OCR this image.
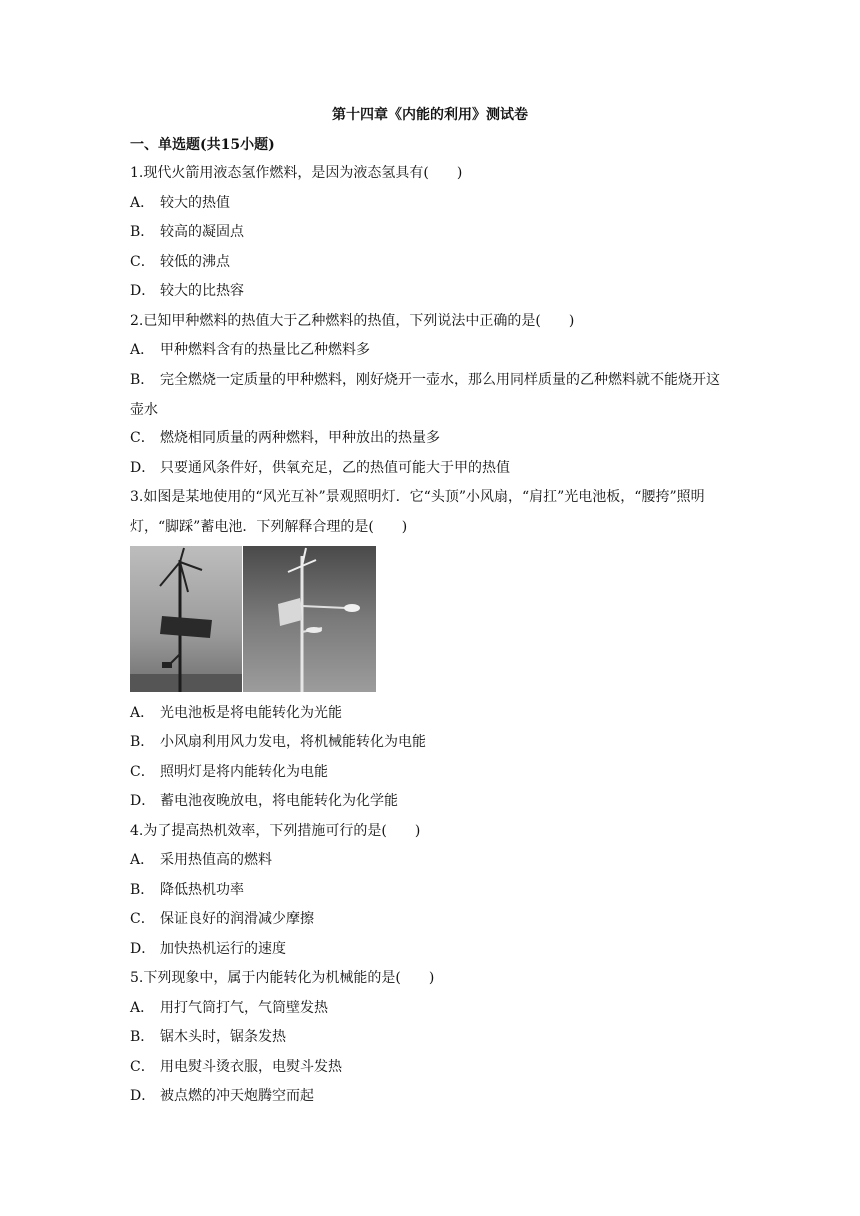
第十四章《内能的利用》测试卷
一、单选题(共15小题)
1.现代火箭用液态氢作燃料，是因为液态氢具有(　　)
A． 较大的热值
B． 较高的凝固点
C． 较低的沸点
D． 较大的比热容
2.已知甲种燃料的热值大于乙种燃料的热值，下列说法中正确的是(　　)
A． 甲种燃料含有的热量比乙种燃料多
B． 完全燃烧一定质量的甲种燃料，刚好烧开一壶水，那么用同样质量的乙种燃料就不能烧开这壶水
C． 燃烧相同质量的两种燃料，甲种放出的热量多
D． 只要通风条件好，供氧充足，乙的热值可能大于甲的热值
3.如图是某地使用的“风光互补”景观照明灯．它“头顶”小风扇，“肩扛”光电池板，“腰挎”照明灯，“脚踩”蓄电池．下列解释合理的是(　　)
A． 光电池板是将电能转化为光能
B． 小风扇利用风力发电，将机械能转化为电能
C． 照明灯是将内能转化为电能
D． 蓄电池夜晚放电，将电能转化为化学能
4.为了提高热机效率，下列措施可行的是(　　)
A． 采用热值高的燃料
B． 降低热机功率
C． 保证良好的润滑减少摩擦
D． 加快热机运行的速度
5.下列现象中，属于内能转化为机械能的是(　　)
A． 用打气筒打气，气筒壁发热
B． 锯木头时，锯条发热
C． 用电熨斗烫衣服，电熨斗发热
D． 被点燃的冲天炮腾空而起
